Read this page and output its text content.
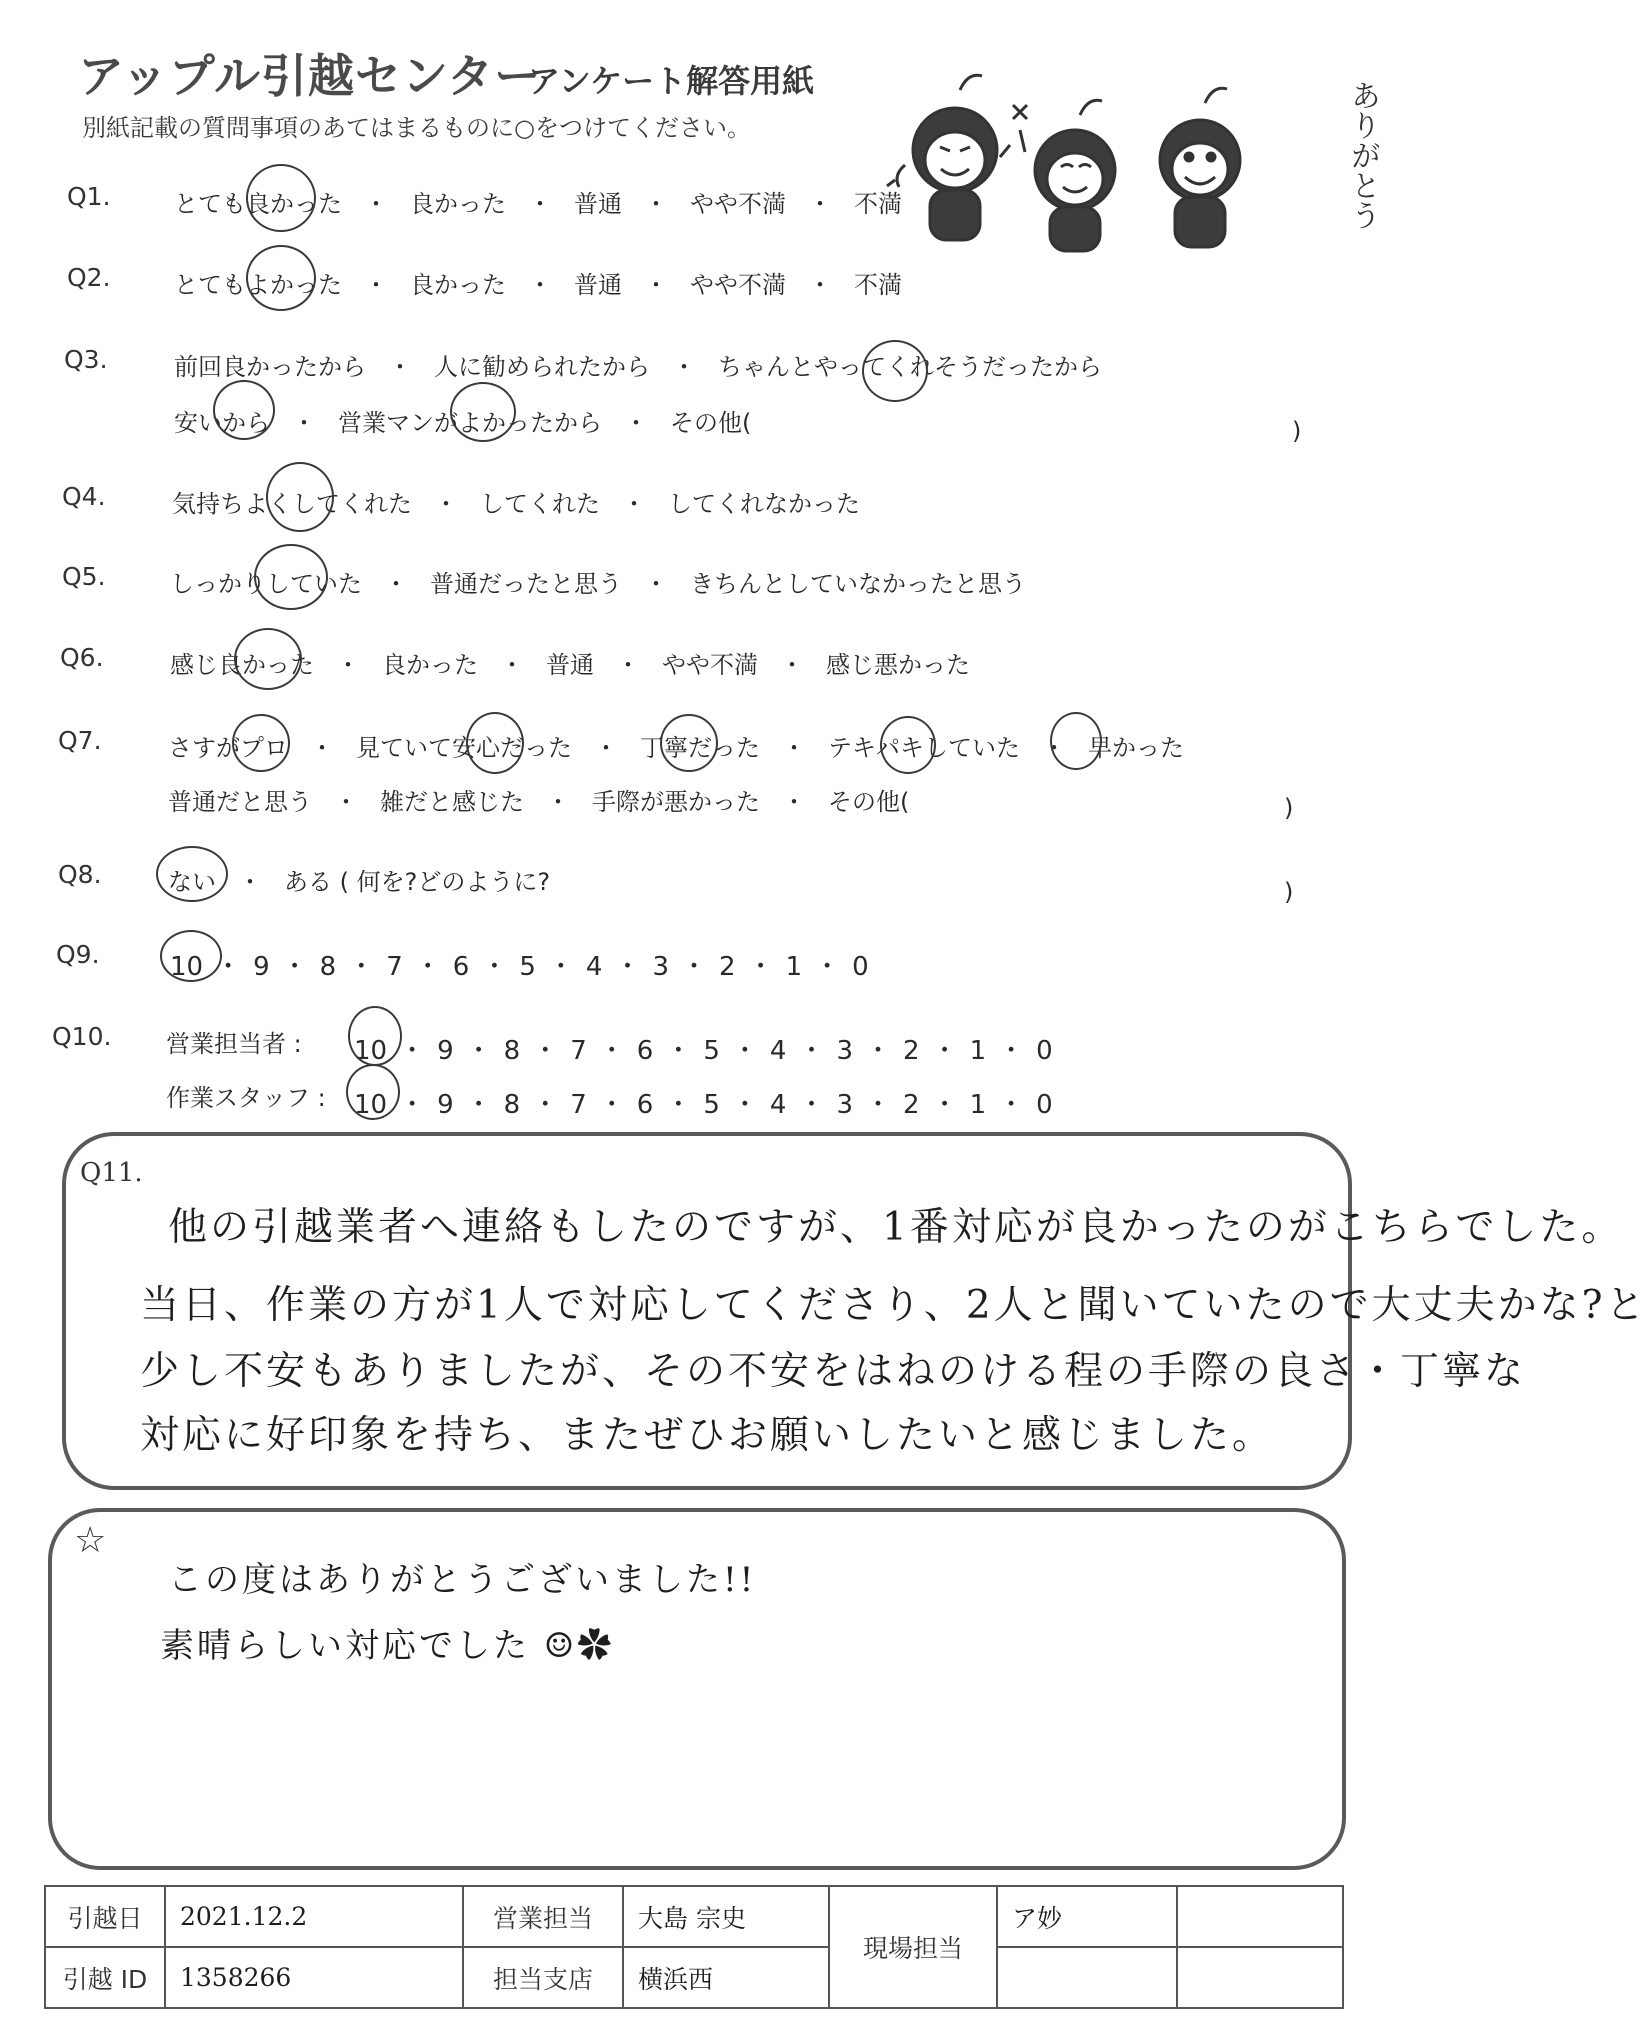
アップル引越センター
アンケート解答用紙
別紙記載の質問事項のあてはまるものに○をつけてください。	ありがとう
Q1.	とても良かった ・ 良かった ・ 普通 ・ やや不満 ・ 不満
Q2.	とてもよかった ・ 良かった ・ 普通 ・ やや不満 ・ 不満
Q3.	前回良かったから ・ 人に勧められたから ・ ちゃんとやってくれそうだったから
安いから ・ 営業マンがよかったから ・ その他(	)
Q4.	気持ちよくしてくれた ・ してくれた ・ してくれなかった
Q5.	しっかりしていた ・ 普通だったと思う ・ きちんとしていなかったと思う
Q6.	感じ良かった ・ 良かった ・ 普通 ・ やや不満 ・ 感じ悪かった
Q7.	さすがプロ ・ 見ていて安心だった ・ 丁寧だった ・ テキパキしていた ・ 早かった
普通だと思う ・ 雑だと感じた ・ 手際が悪かった ・ その他(	)
Q8.	ない ・ ある ( 何を?どのように?	)
Q9.	10 ・ 9 ・ 8 ・ 7 ・ 6 ・ 5 ・ 4 ・ 3 ・ 2 ・ 1 ・ 0
Q10. 営業担当者 : 10 ・ 9 ・ 8 ・ 7 ・ 6 ・ 5 ・ 4 ・ 3 ・ 2 ・ 1 ・ 0
作業スタッフ : 10 ・ 9 ・ 8 ・ 7 ・ 6 ・ 5 ・ 4 ・ 3 ・ 2 ・ 1 ・ 0
Q11.
他の引越業者へ連絡もしたのですが、1番対応が良かったのがこちらでした。
当日、作業の方が1人で対応してくださり、2人と聞いていたので大丈夫かな?と
少し不安もありましたが、その不安をはねのける程の手際の良さ・丁寧な
対応に好印象を持ち、またぜひお願いしたいと感じました。
☆
この度はありがとうございました!!
素晴らしい対応でした ☺✿
引越日	2021.12.2	営業担当	大島 宗史	現場担当	ア妙	
引越 ID	1358266	担当支店	横浜西			
